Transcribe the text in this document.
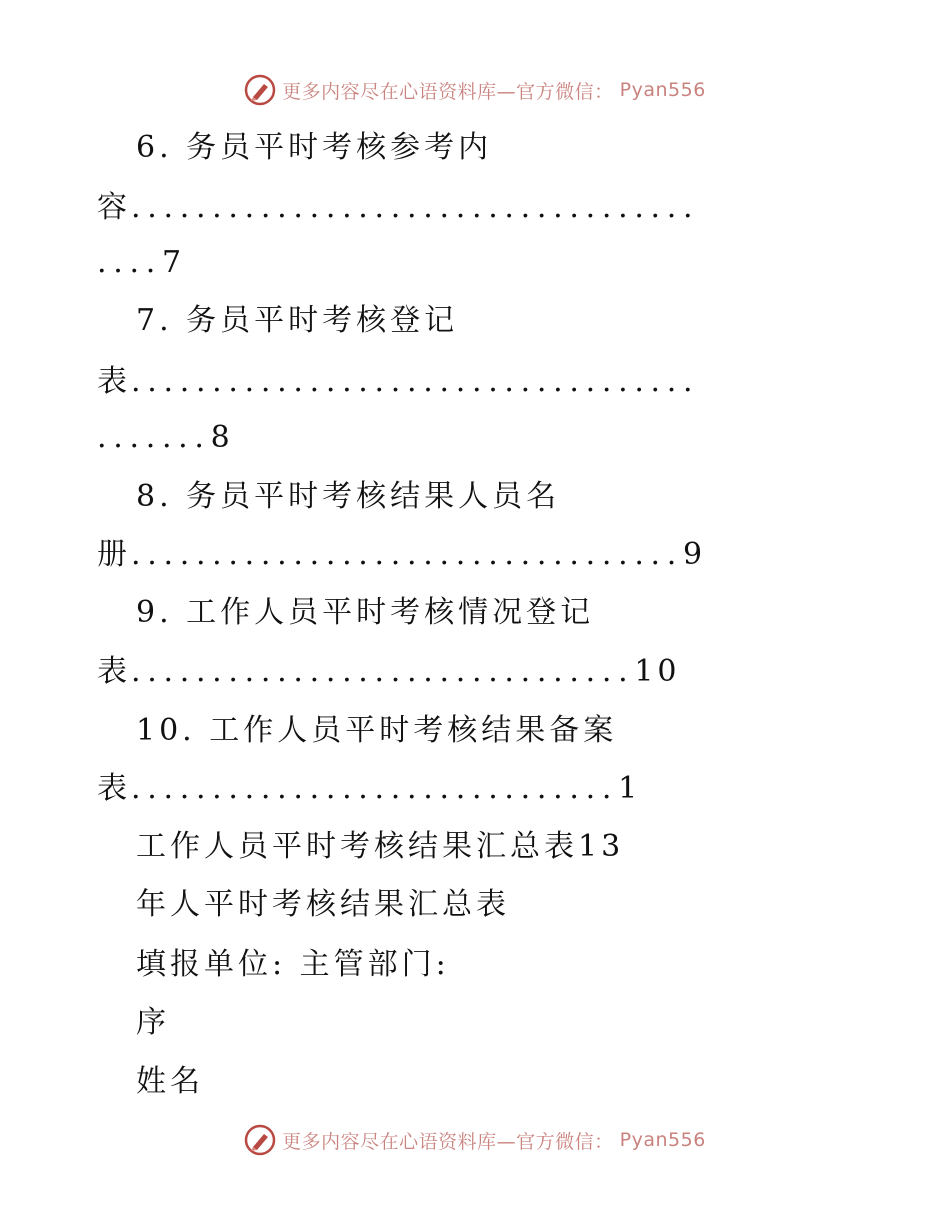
更多内容尽在心语资料库—官方微信： Pyan556
6. 务员平时考核参考内
容...................................
....7
7. 务员平时考核登记
表...................................
.......8
8. 务员平时考核结果人员名
册..................................9
9. 工作人员平时考核情况登记
表...............................10
10. 工作人员平时考核结果备案
表..............................1
工作人员平时考核结果汇总表13
年人平时考核结果汇总表
填报单位: 主管部门:
序
姓名
更多内容尽在心语资料库—官方微信： Pyan556
